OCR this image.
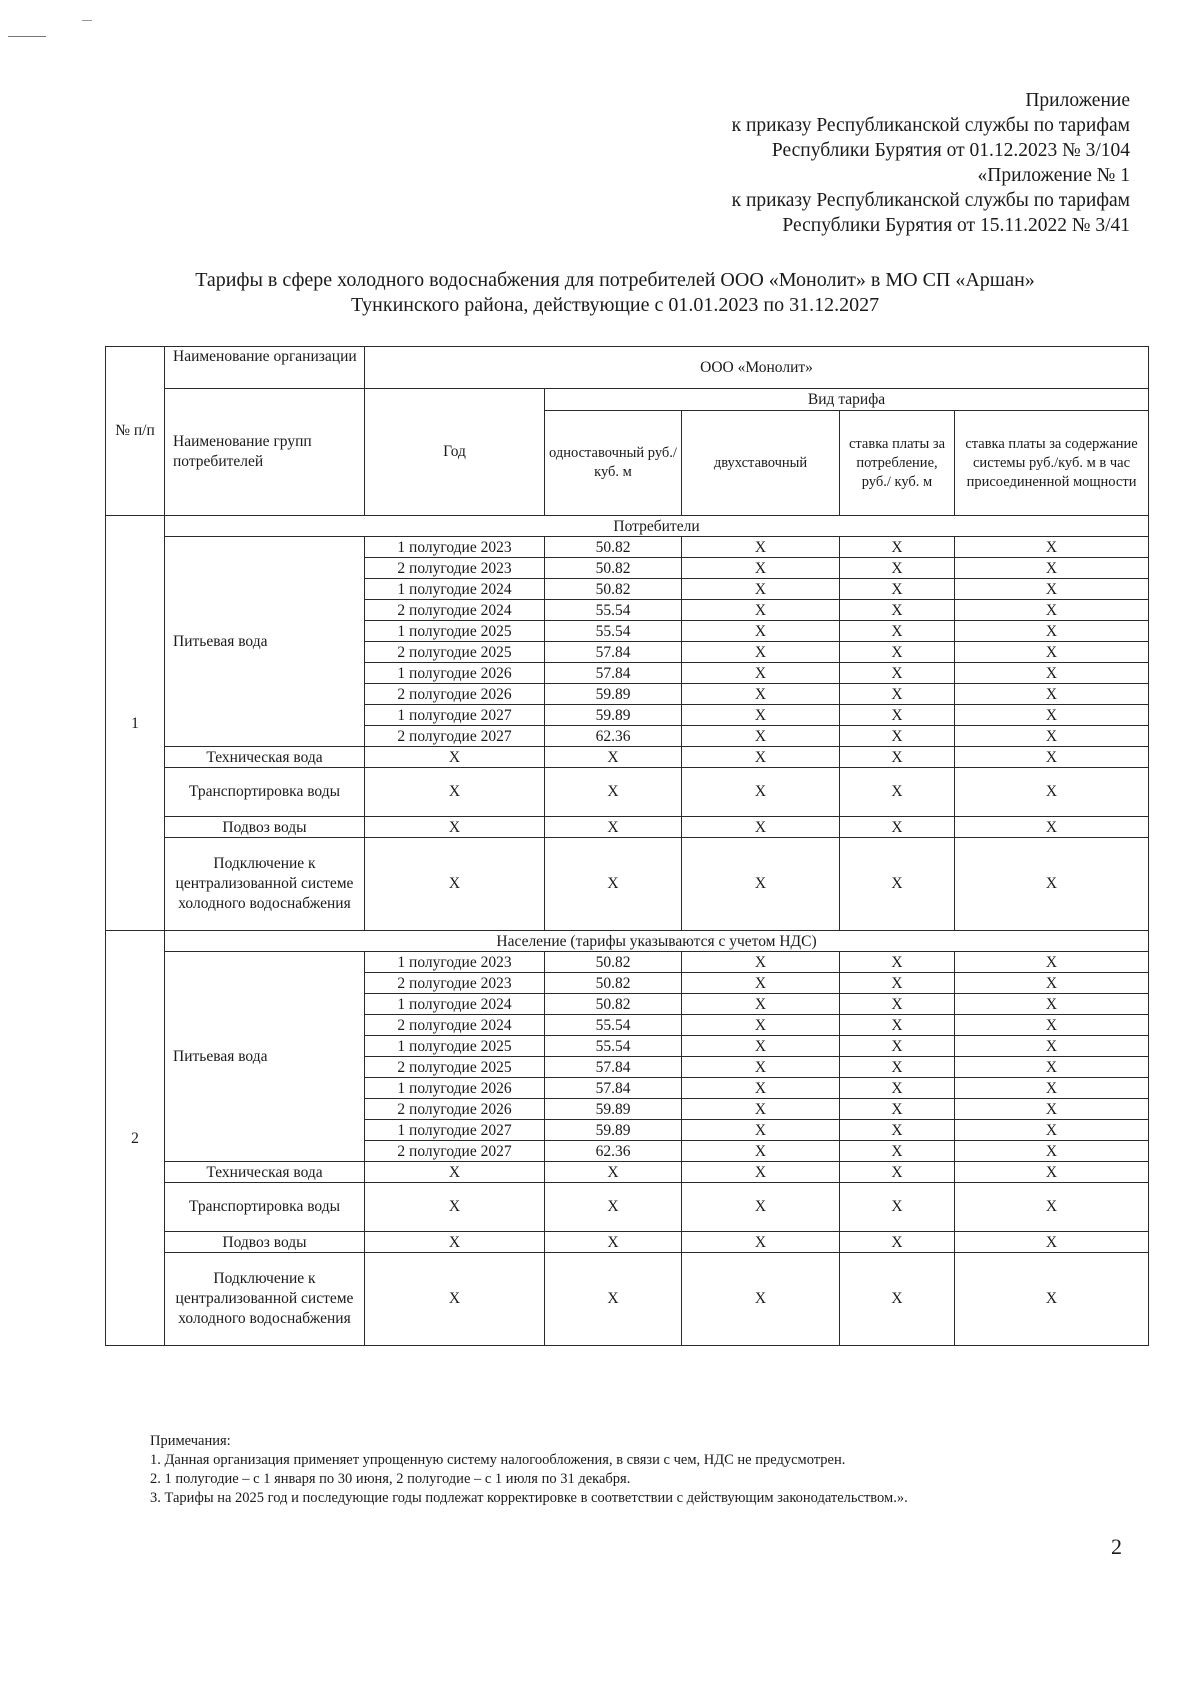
Приложение
к приказу Республиканской службы по тарифам
Республики Бурятия от 01.12.2023 № 3/104
«Приложение № 1
к приказу Республиканской службы по тарифам
Республики Бурятия от 15.11.2022 № 3/41
Тарифы в сфере холодного водоснабжения для потребителей ООО «Монолит» в МО СП «Аршан»
Тункинского района, действующие с 01.01.2023 по 31.12.2027
№ п/п	Наименование организации	ООО «Монолит»				
	Наименование групп потребителей	Год	Вид тарифа			
			одноставочный руб./ куб. м	двухставочный	ставка платы за потребление, руб./ куб. м	ставка платы за содержание системы руб./куб. м в час присоединенной мощности
1	Потребители					
	Питьевая вода	1 полугодие 2023	50.82	X	X	X
		2 полугодие 2023	50.82	X	X	X
		1 полугодие 2024	50.82	X	X	X
		2 полугодие 2024	55.54	X	X	X
		1 полугодие 2025	55.54	X	X	X
		2 полугодие 2025	57.84	X	X	X
		1 полугодие 2026	57.84	X	X	X
		2 полугодие 2026	59.89	X	X	X
		1 полугодие 2027	59.89	X	X	X
		2 полугодие 2027	62.36	X	X	X
	Техническая вода	X	X	X	X	X
	Транспортировка воды	X	X	X	X	X
	Подвоз воды	X	X	X	X	X
	Подключение к централизованной системе холодного водоснабжения	X	X	X	X	X
2	Население (тарифы указываются с учетом НДС)					
	Питьевая вода	1 полугодие 2023	50.82	X	X	X
		2 полугодие 2023	50.82	X	X	X
		1 полугодие 2024	50.82	X	X	X
		2 полугодие 2024	55.54	X	X	X
		1 полугодие 2025	55.54	X	X	X
		2 полугодие 2025	57.84	X	X	X
		1 полугодие 2026	57.84	X	X	X
		2 полугодие 2026	59.89	X	X	X
		1 полугодие 2027	59.89	X	X	X
		2 полугодие 2027	62.36	X	X	X
	Техническая вода	X	X	X	X	X
	Транспортировка воды	X	X	X	X	X
	Подвоз воды	X	X	X	X	X
	Подключение к централизованной системе холодного водоснабжения	X	X	X	X	X
Примечания:
1. Данная организация применяет упрощенную систему налогообложения, в связи с чем, НДС не предусмотрен.
2. 1 полугодие – с 1 января по 30 июня, 2 полугодие – с 1 июля по 31 декабря.
3. Тарифы на 2025 год и последующие годы подлежат корректировке в соответствии с действующим законодательством.».
2
